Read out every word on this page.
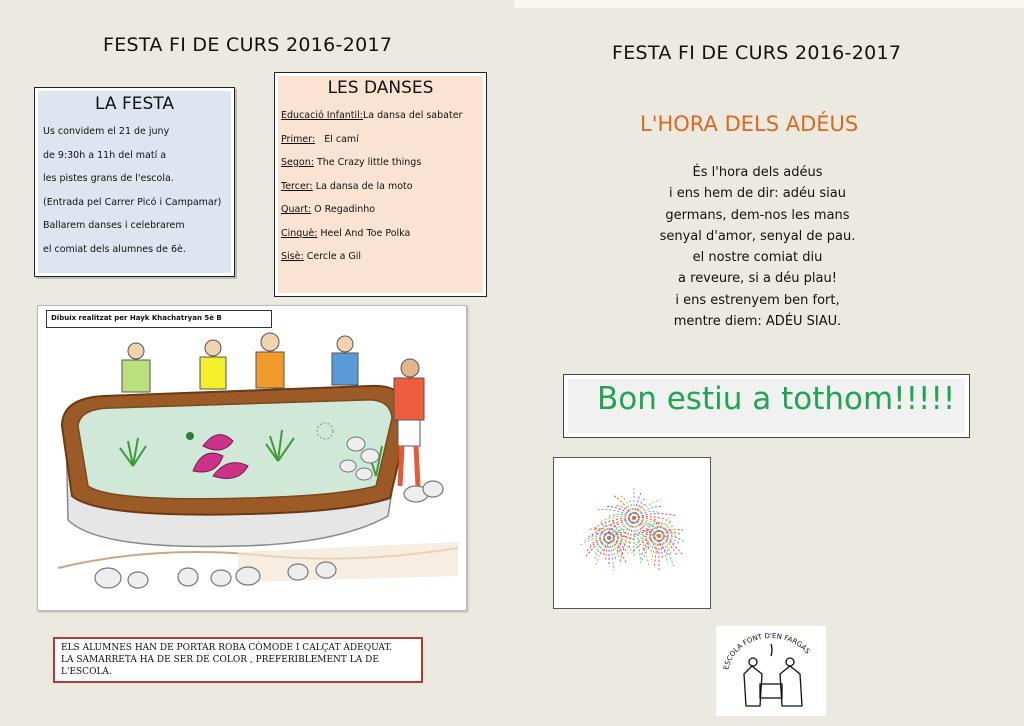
FESTA FI DE CURS 2016-2017
LA FESTA
Us convidem el 21 de juny
de 9:30h a 11h del matí a
les pistes grans de l'escola.
(Entrada pel Carrer Picó i Campamar)
Ballarem danses i celebrarem
el comiat dels alumnes de 6è.
LES DANSES
Educació Infantil:La dansa del sabater
Primer:   El camí
Segon: The Crazy little things
Tercer: La dansa de la moto
Quart: O Regadinho
Cinquè: Heel And Toe Polka
Sisè: Cercle a Gil
Dibuix realitzat per Hayk Khachatryan 5è B
ELS ALUMNES HAN DE PORTAR ROBA CÒMODE I CALÇAT ADEQUAT.
LA SAMARRETA HA DE SER DE COLOR , PREFERIBLEMENT LA DE
L'ESCOLA.
FESTA FI DE CURS 2016-2017
L'HORA DELS ADÉUS
És l'hora dels adéus
i ens hem de dir: adéu siau
germans, dem-nos les mans
senyal d'amor, senyal de pau.
el nostre comiat diu
a reveure, si a déu plau!
i ens estrenyem ben fort,
mentre diem: ADÉU SIAU.
Bon estiu a tothom!!!!!
ESCOLA FONT D'EN FARGAS
